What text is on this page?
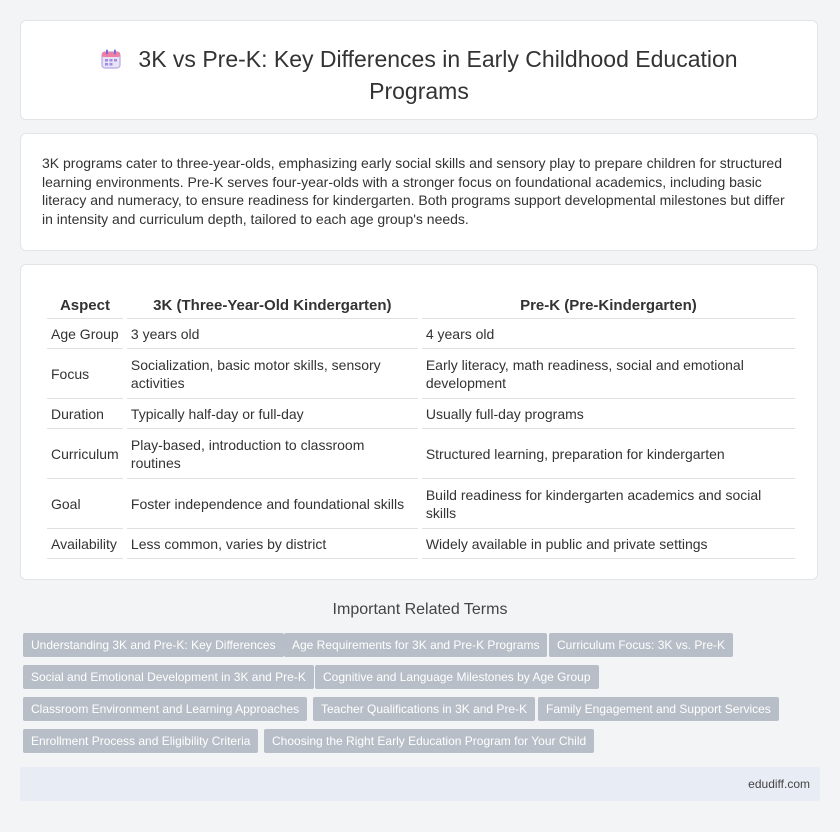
3K vs Pre-K: Key Differences in Early Childhood Education Programs
3K programs cater to three-year-olds, emphasizing early social skills and sensory play to prepare children for structured learning environments. Pre-K serves four-year-olds with a stronger focus on foundational academics, including basic literacy and numeracy, to ensure readiness for kindergarten. Both programs support developmental milestones but differ in intensity and curriculum depth, tailored to each age group's needs.
Aspect	3K (Three-Year-Old Kindergarten)	Pre-K (Pre-Kindergarten)
Age Group	3 years old	4 years old
Focus	Socialization, basic motor skills, sensory activities	Early literacy, math readiness, social and emotional development
Duration	Typically half-day or full-day	Usually full-day programs
Curriculum	Play-based, introduction to classroom routines	Structured learning, preparation for kindergarten
Goal	Foster independence and foundational skills	Build readiness for kindergarten academics and social skills
Availability	Less common, varies by district	Widely available in public and private settings
Important Related Terms
Understanding 3K and Pre-K: Key Differences	Age Requirements for 3K and Pre-K Programs	Curriculum Focus: 3K vs. Pre-K
Social and Emotional Development in 3K and Pre-K	Cognitive and Language Milestones by Age Group
Classroom Environment and Learning Approaches	Teacher Qualifications in 3K and Pre-K	Family Engagement and Support Services
Enrollment Process and Eligibility Criteria	Choosing the Right Early Education Program for Your Child
edudiff.com
